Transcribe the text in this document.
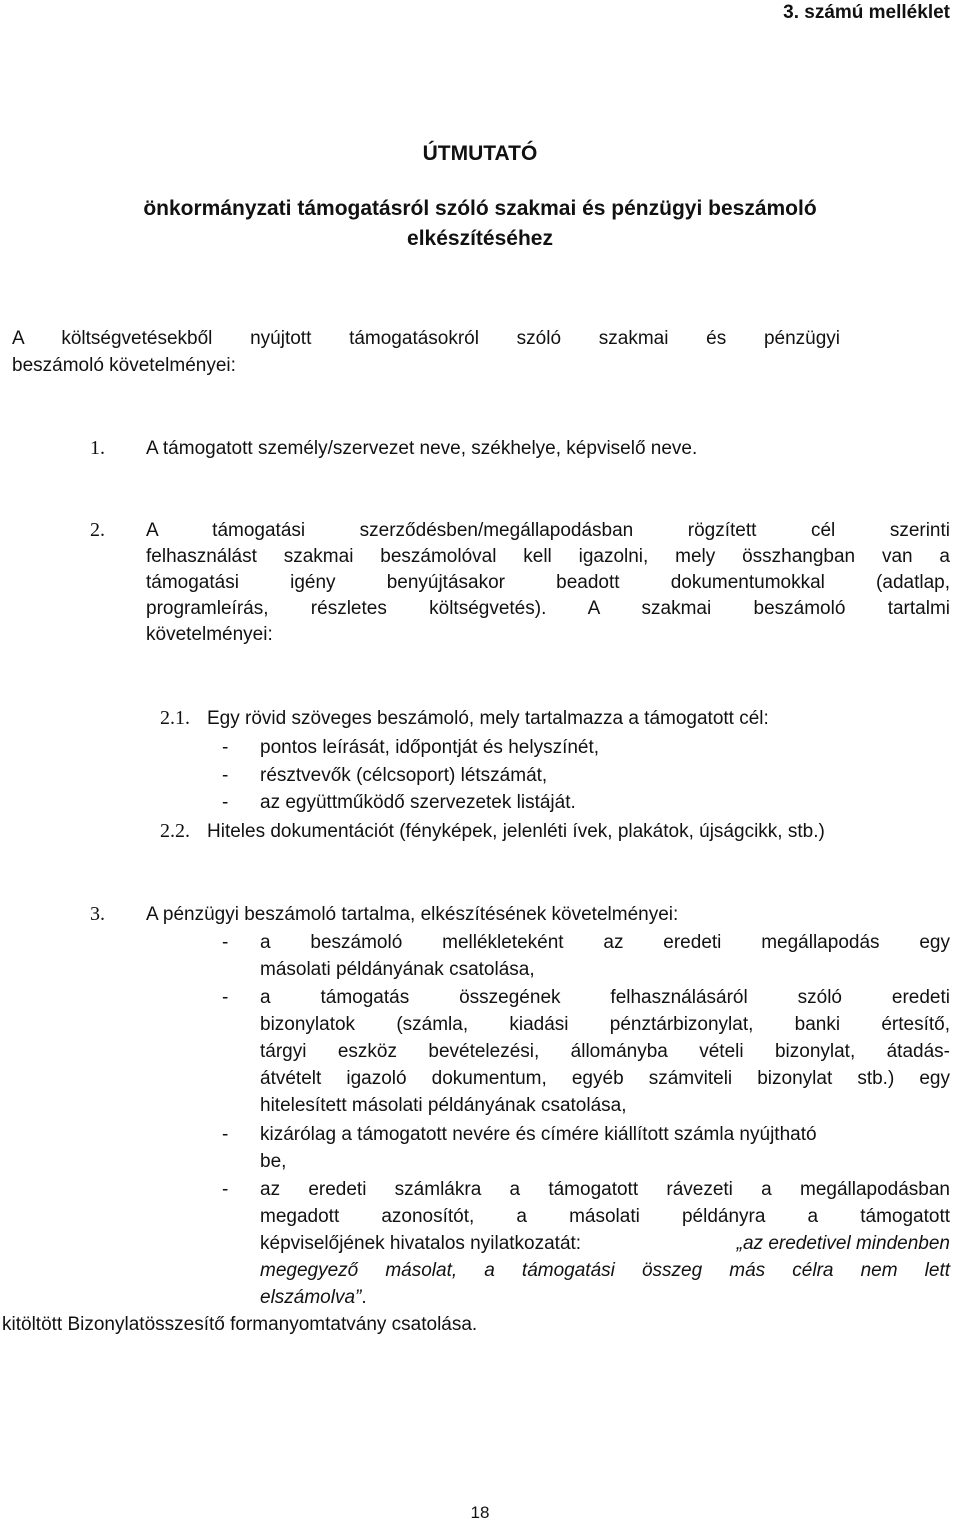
3. számú melléklet
ÚTMUTATÓ
önkormányzati támogatásról szóló szakmai és pénzügyi beszámoló
elkészítéséhez
A költségvetésekből nyújtott támogatásokról szóló szakmai és pénzügyi
beszámoló követelményei:
1. A támogatott személy/szervezet neve, székhelye, képviselő neve.
2. A támogatási szerződésben/megállapodásban rögzített cél szerinti
felhasználást szakmai beszámolóval kell igazolni, mely összhangban van a
támogatási igény benyújtásakor beadott dokumentumokkal (adatlap,
programleírás, részletes költségvetés). A szakmai beszámoló tartalmi
követelményei:
2.1. Egy rövid szöveges beszámoló, mely tartalmazza a támogatott cél:
- pontos leírását, időpontját és helyszínét,
- résztvevők (célcsoport) létszámát,
- az együttműködő szervezetek listáját.
2.2. Hiteles dokumentációt (fényképek, jelenléti ívek, plakátok, újságcikk, stb.)
3. A pénzügyi beszámoló tartalma, elkészítésének követelményei:
- a beszámoló mellékleteként az eredeti megállapodás egy
másolati példányának csatolása,
- a támogatás összegének felhasználásáról szóló eredeti
bizonylatok (számla, kiadási pénztárbizonylat, banki értesítő,
tárgyi eszköz bevételezési, állományba vételi bizonylat, átadás-
átvételt igazoló dokumentum, egyéb számviteli bizonylat stb.) egy
hitelesített másolati példányának csatolása,
- kizárólag a támogatott nevére és címére kiállított számla nyújtható
be,
- az eredeti számlákra a támogatott rávezeti a megállapodásban
megadott azonosítót, a másolati példányra a támogatott
képviselőjének hivatalos nyilatkozatát:	„az eredetivel mindenben
megegyező másolat, a támogatási összeg más célra nem lett
elszámolva”.
kitöltött Bizonylatösszesítő formanyomtatvány csatolása.
18
